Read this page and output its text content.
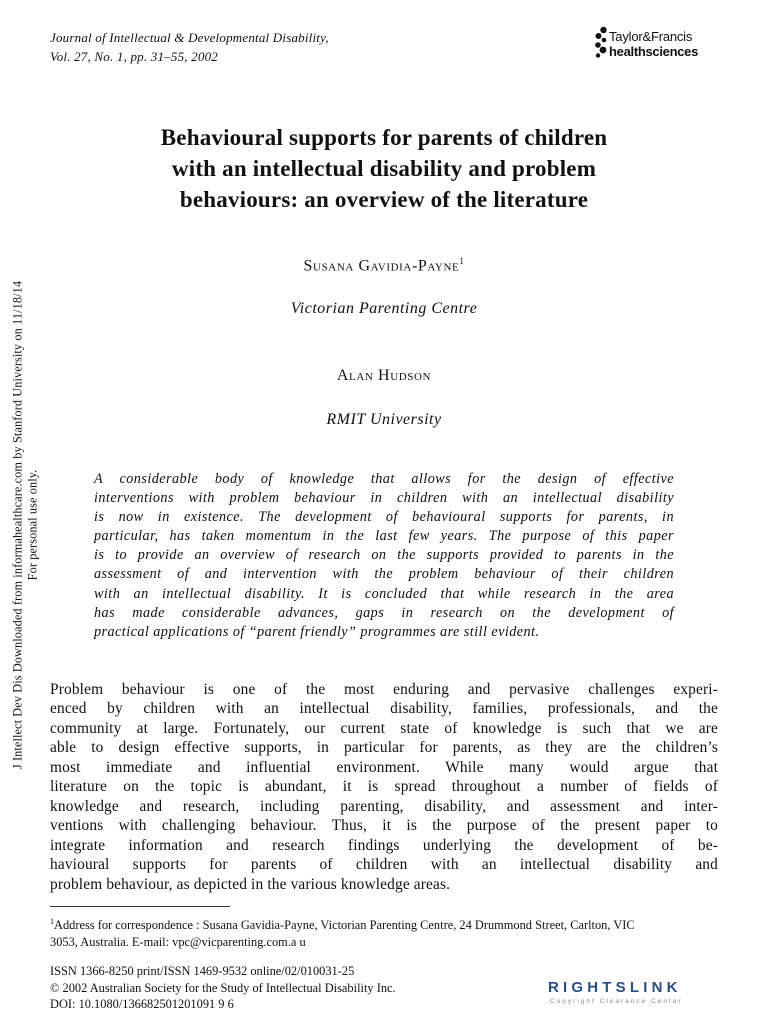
Journal of Intellectual & Developmental Disability,
Vol. 27, No. 1, pp. 31–55, 2002
Taylor&Francis
healthsciences
Behavioural supports for parents of children
with an intellectual disability and problem
behaviours: an overview of the literature
Susana Gavidia-Payne$^1$
Victorian Parenting Centre
Alan Hudson
RMIT University
A considerable body of knowledge that allows for the design of effective
interventions with problem behaviour in children with an intellectual disability
is now in existence. The development of behavioural supports for parents, in
particular, has taken momentum in the last few years. The purpose of this paper
is to provide an overview of research on the supports provided to parents in the
assessment of and intervention with the problem behaviour of their children
with an intellectual disability. It is concluded that while research in the area
has made considerable advances, gaps in research on the development of
practical applications of “parent friendly” programmes are still evident.
Problem behaviour is one of the most enduring and pervasive challenges experi-
enced by children with an intellectual disability, families, professionals, and the
community at large. Fortunately, our current state of knowledge is such that we are
able to design effective supports, in particular for parents, as they are the children’s
most immediate and influential environment. While many would argue that
literature on the topic is abundant, it is spread throughout a number of fields of
knowledge and research, including parenting, disability, and assessment and inter-
ventions with challenging behaviour. Thus, it is the purpose of the present paper to
integrate information and research findings underlying the development of be-
havioural supports for parents of children with an intellectual disability and
problem behaviour, as depicted in the various knowledge areas.
$^1$Address for correspondence : Susana Gavidia-Payne, Victorian Parenting Centre, 24 Drummond Street, Carlton, VIC
3053, Australia. E-mail: vpc@vicparenting.com.a u
ISSN 1366-8250 print/ISSN 1469-9532 online/02/010031-25
© 2002 Australian Society for the Study of Intellectual Disability Inc.
DOI: 10.1080/136682501201091 9 6
RIGHTSLINK
Copyright Clearance Center
J Intellect Dev Dis Downloaded from informahealthcare.com by Stanford University on 11/18/14 For personal use only.
